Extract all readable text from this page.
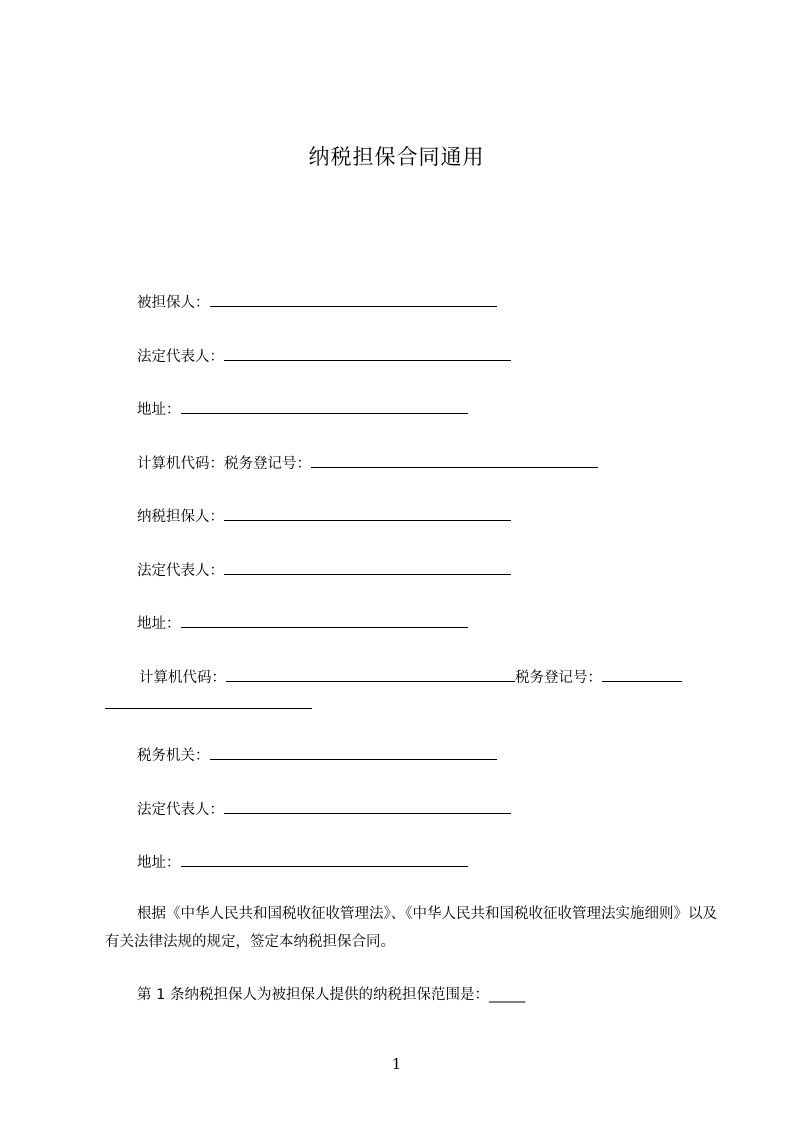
纳税担保合同通用
被担保人：
法定代表人：
地址：
计算机代码：税务登记号：
纳税担保人：
法定代表人：
地址：
计算机代码：	税务登记号：
税务机关：
法定代表人：
地址：
根据《中华人民共和国税收征收管理法》、《中华人民共和国税收征收管理法实施细则》以及有关法律法规的规定，签定本纳税担保合同。
第 1 条纳税担保人为被担保人提供的纳税担保范围是：_____
1
